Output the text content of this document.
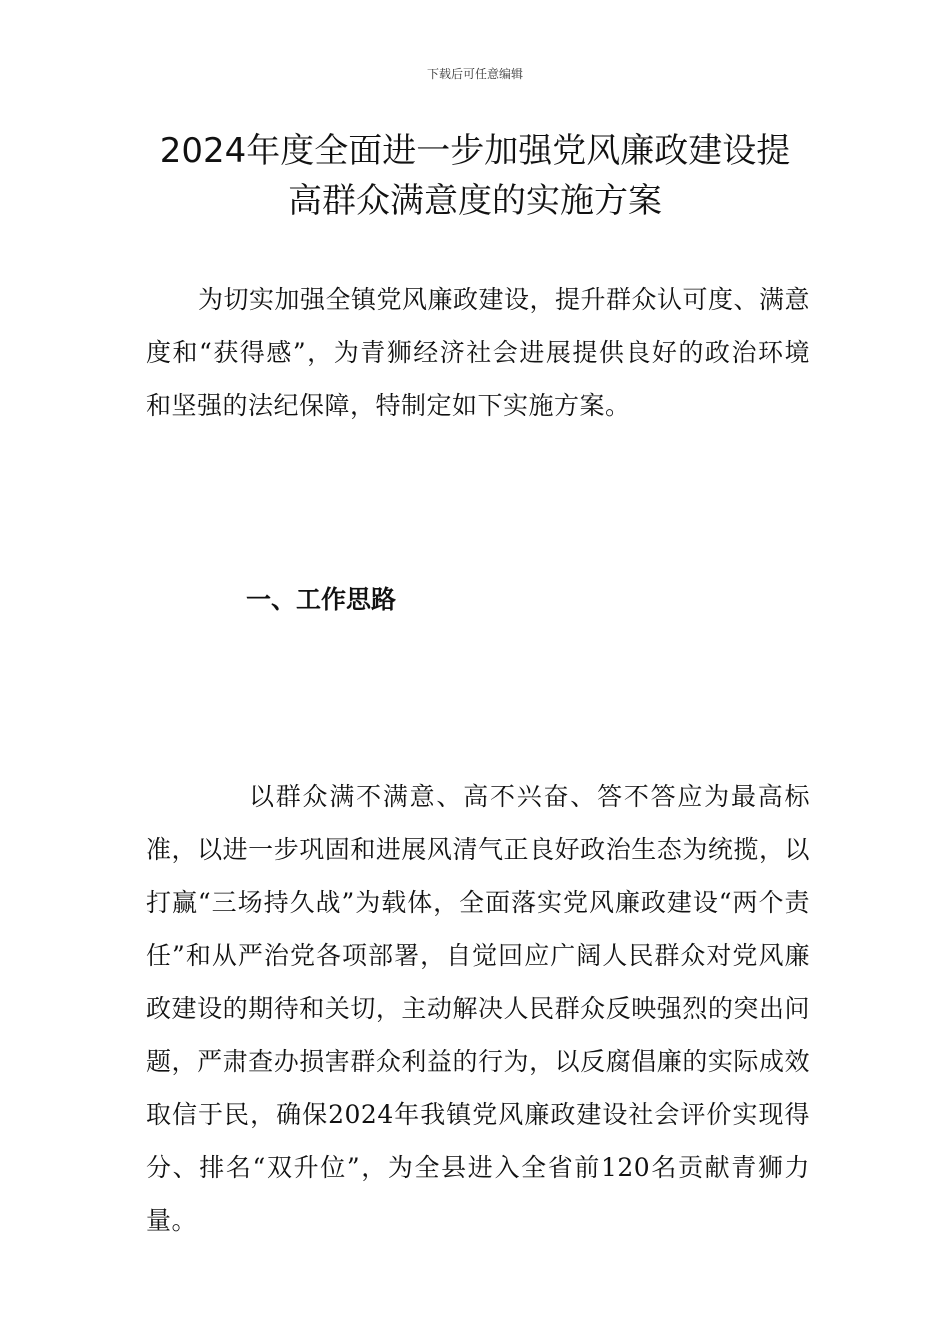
下载后可任意编辑
2024年度全面进一步加强党风廉政建设提
高群众满意度的实施方案

为切实加强全镇党风廉政建设，提升群众认可度、满意度和“获得感”，为青狮经济社会进展提供良好的政治环境和坚强的法纪保障，特制定如下实施方案。

一、工作思路

以群众满不满意、高不兴奋、答不答应为最高标准，以进一步巩固和进展风清气正良好政治生态为统揽，以打赢“三场持久战”为载体，全面落实党风廉政建设“两个责任”和从严治党各项部署，自觉回应广阔人民群众对党风廉政建设的期待和关切，主动解决人民群众反映强烈的突出问题，严肃查办损害群众利益的行为，以反腐倡廉的实际成效取信于民，确保2024年我镇党风廉政建设社会评价实现得分、排名“双升位”，为全县进入全省前120名贡献青狮力量。
